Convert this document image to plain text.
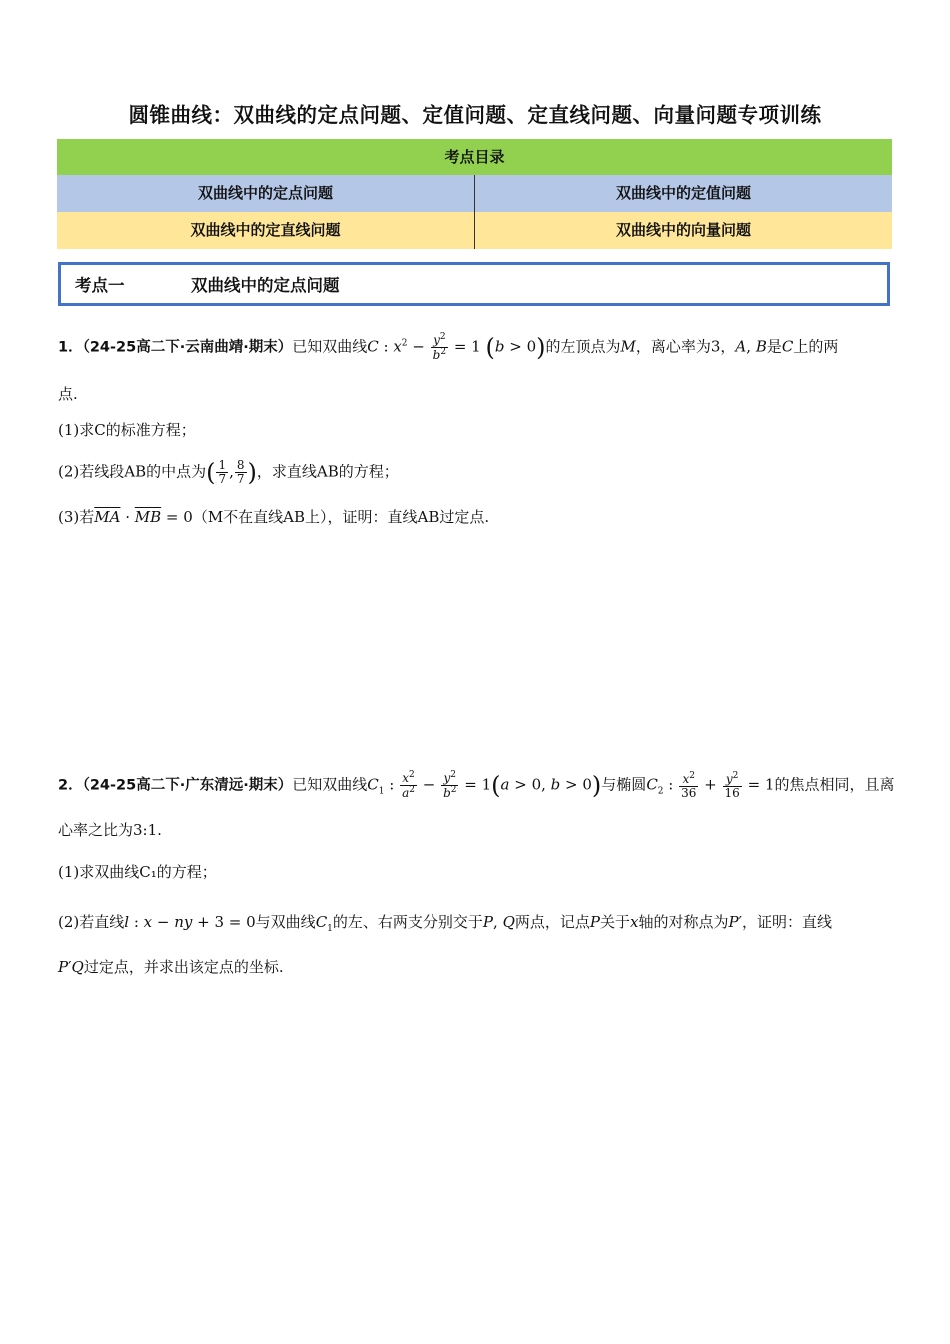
圆锥曲线：双曲线的定点问题、定值问题、定直线问题、向量问题专项训练
考点目录
双曲线中的定点问题	双曲线中的定值问题
双曲线中的定直线问题	双曲线中的向量问题
考点一	双曲线中的定点问题
1．（24-25高二下·云南曲靖·期末）已知双曲线C : $x^2 - \frac{y^2}{b^2} = 1$ (b > 0)的左顶点为M，离心率为3，A, B是C上的两
点.
(1)求C的标准方程；
(2)若线段AB的中点为( $\frac{1}{7}$ , $\frac{8}{7}$ )，求直线AB的方程；
(3)若$\overline{MA} \cdot \overline{MB} = 0(M$不在直线AB上），证明：直线AB过定点.
2．（24-25高二下·广东清远·期末）已知双曲线$C_1$ : $\frac{x^2}{a^2} - \frac{y^2}{b^2} = 1(a > 0$, b > 0)与椭圆$C_2$ : $\frac{x^2}{36} + \frac{y^2}{16} = 1$的焦点相同，且离
心率之比为3:1.
(1)求双曲线C₁的方程；
(2)若直线l : x − ny + 3 = 0与双曲线$C_1$的左、右两支分别交于P, Q两点，记点P关于x轴的对称点为P′，证明：直线
P′Q过定点，并求出该定点的坐标.
